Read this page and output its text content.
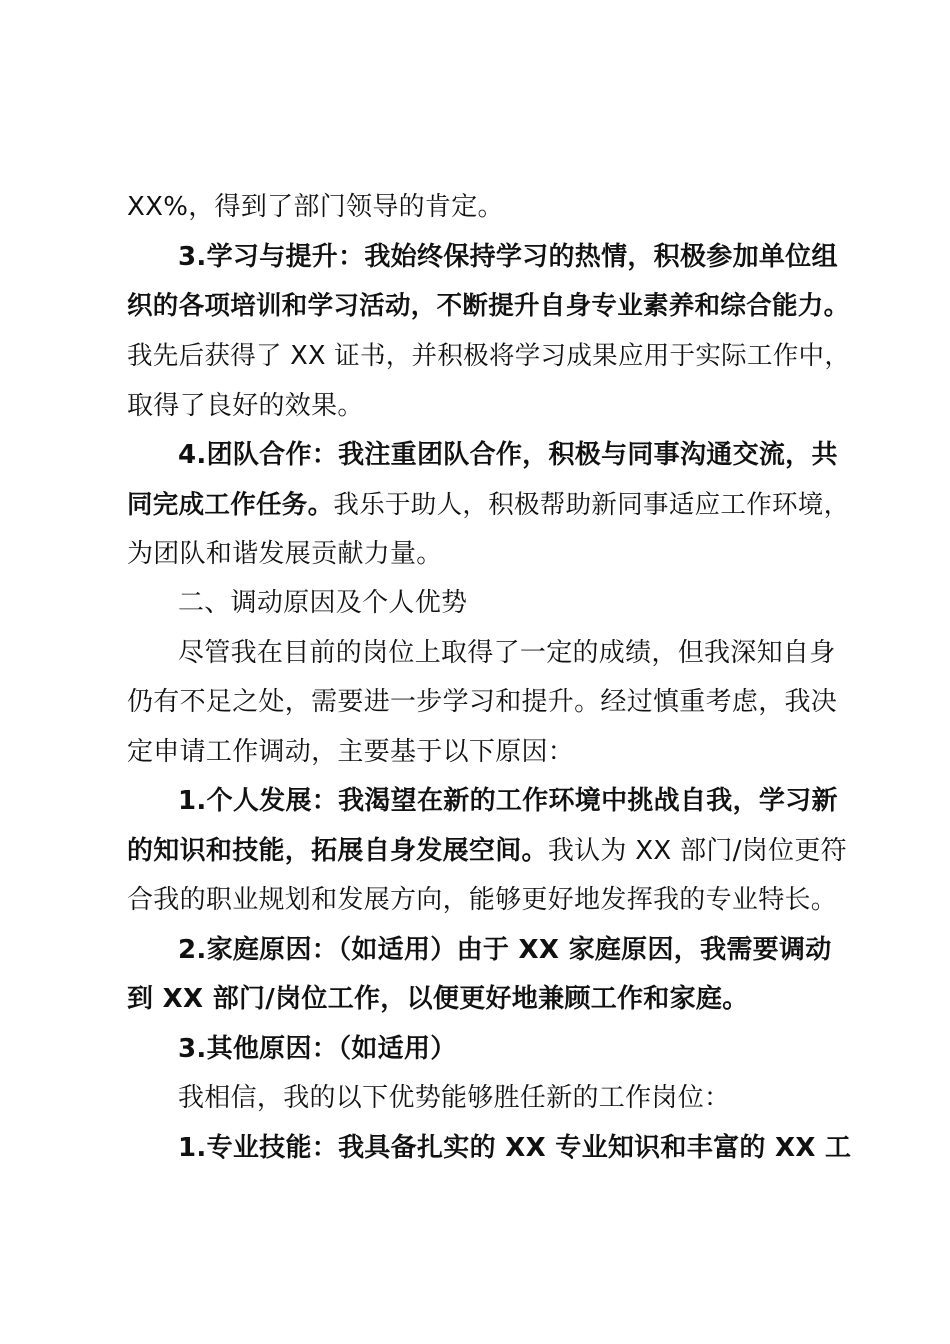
XX%，得到了部门领导的肯定。
3.学习与提升：我始终保持学习的热情，积极参加单位组
织的各项培训和学习活动，不断提升自身专业素养和综合能力。
我先后获得了 XX 证书，并积极将学习成果应用于实际工作中，
取得了良好的效果。
4.团队合作：我注重团队合作，积极与同事沟通交流，共
同完成工作任务。我乐于助人，积极帮助新同事适应工作环境，
为团队和谐发展贡献力量。
二、调动原因及个人优势
尽管我在目前的岗位上取得了一定的成绩，但我深知自身
仍有不足之处，需要进一步学习和提升。经过慎重考虑，我决
定申请工作调动，主要基于以下原因：
1.个人发展：我渴望在新的工作环境中挑战自我，学习新
的知识和技能，拓展自身发展空间。我认为 XX 部门/岗位更符
合我的职业规划和发展方向，能够更好地发挥我的专业特长。
2.家庭原因：（如适用）由于 XX 家庭原因，我需要调动
到 XX 部门/岗位工作，以便更好地兼顾工作和家庭。
3.其他原因：（如适用）
我相信，我的以下优势能够胜任新的工作岗位：
1.专业技能：我具备扎实的 XX 专业知识和丰富的 XX 工
